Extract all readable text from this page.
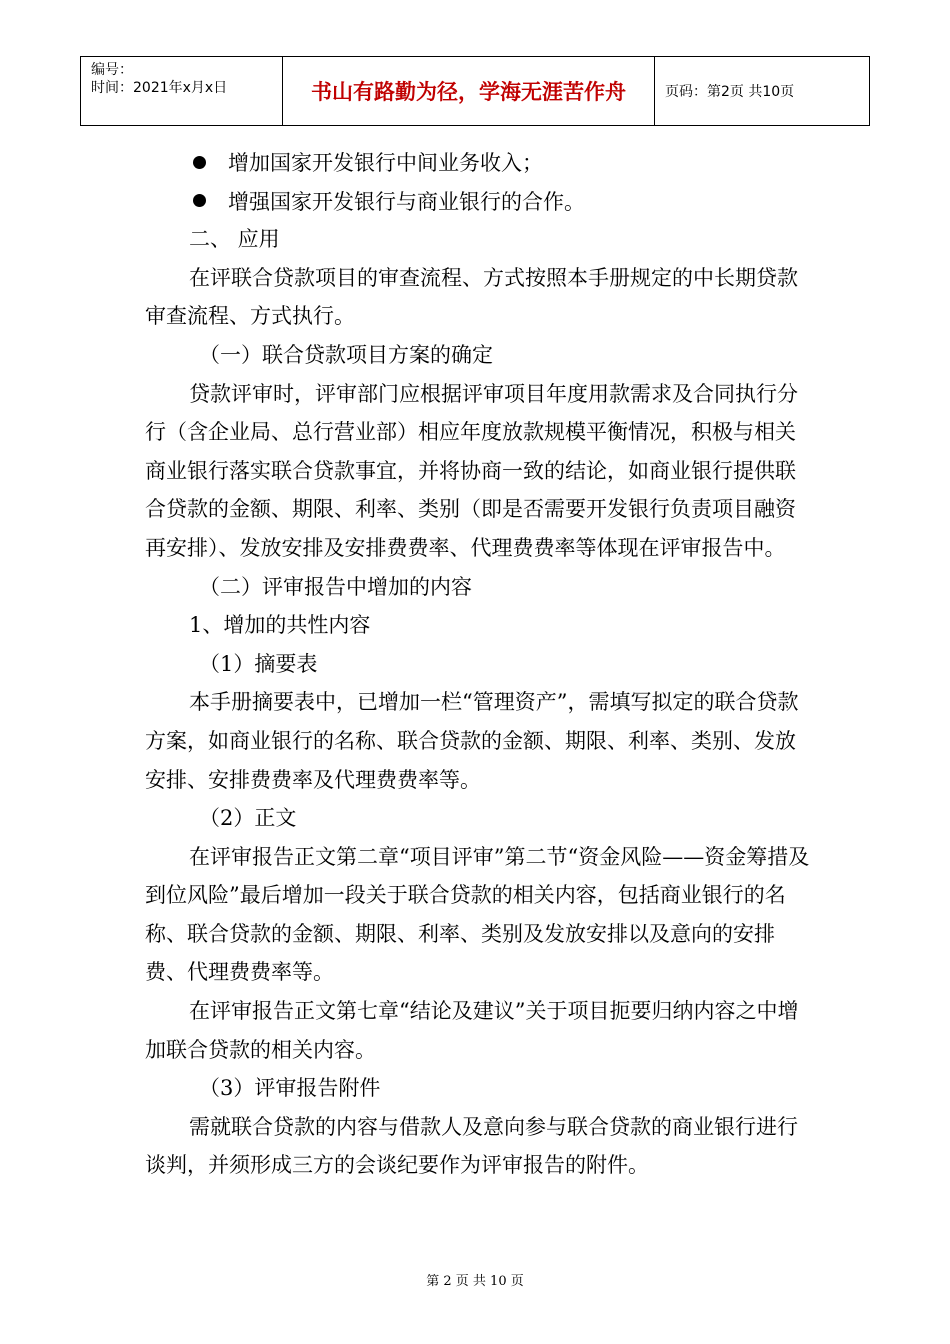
编号：
时间：2021年x月x日	书山有路勤为径，学海无涯苦作舟	页码：第2页 共10页
增加国家开发银行中间业务收入；
增强国家开发银行与商业银行的合作。

二、 应用

在评联合贷款项目的审查流程、方式按照本手册规定的中长期贷款审查流程、方式执行。

（一）联合贷款项目方案的确定

贷款评审时，评审部门应根据评审项目年度用款需求及合同执行分行（含企业局、总行营业部）相应年度放款规模平衡情况，积极与相关商业银行落实联合贷款事宜，并将协商一致的结论，如商业银行提供联合贷款的金额、期限、利率、类别（即是否需要开发银行负责项目融资再安排）、发放安排及安排费费率、代理费费率等体现在评审报告中。

（二）评审报告中增加的内容

1、增加的共性内容

（1）摘要表

本手册摘要表中，已增加一栏“管理资产”，需填写拟定的联合贷款方案，如商业银行的名称、联合贷款的金额、期限、利率、类别、发放安排、安排费费率及代理费费率等。

（2）正文

在评审报告正文第二章“项目评审”第二节“资金风险——资金筹措及到位风险”最后增加一段关于联合贷款的相关内容，包括商业银行的名称、联合贷款的金额、期限、利率、类别及发放安排以及意向的安排费、代理费费率等。

在评审报告正文第七章“结论及建议”关于项目扼要归纳内容之中增加联合贷款的相关内容。

（3）评审报告附件

需就联合贷款的内容与借款人及意向参与联合贷款的商业银行进行谈判，并须形成三方的会谈纪要作为评审报告的附件。

第 2 页 共 10 页
